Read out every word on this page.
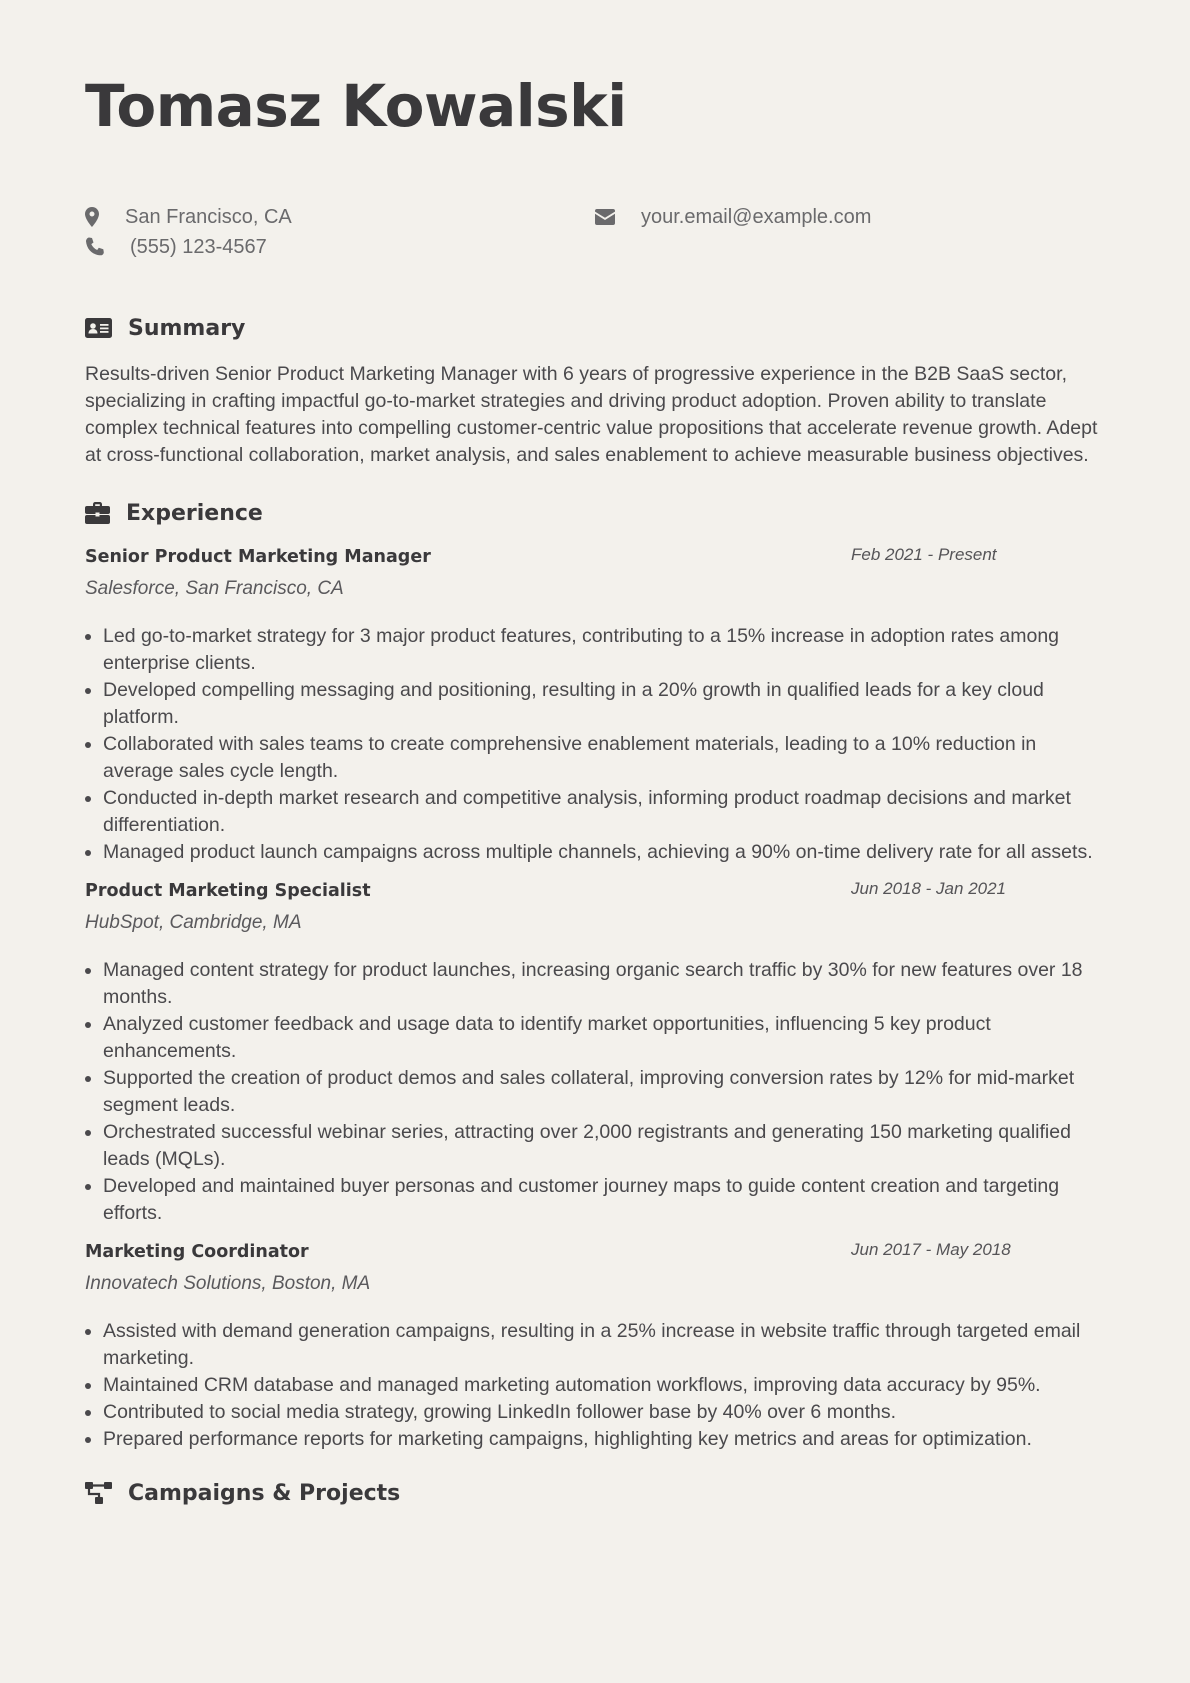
Tomasz Kowalski
San Francisco, CA	your.email@example.com
(555) 123-4567
Summary

Results-driven Senior Product Marketing Manager with 6 years of progressive experience in the B2B SaaS sector, specializing in crafting impactful go-to-market strategies and driving product adoption. Proven ability to translate complex technical features into compelling customer-centric value propositions that accelerate revenue growth. Adept at cross-functional collaboration, market analysis, and sales enablement to achieve measurable business objectives.

Experience
Senior Product Marketing Manager	Feb 2021 - Present
Salesforce, San Francisco, CA
• Led go-to-market strategy for 3 major product features, contributing to a 15% increase in adoption rates among enterprise clients.
• Developed compelling messaging and positioning, resulting in a 20% growth in qualified leads for a key cloud platform.
• Collaborated with sales teams to create comprehensive enablement materials, leading to a 10% reduction in average sales cycle length.
• Conducted in-depth market research and competitive analysis, informing product roadmap decisions and market differentiation.
• Managed product launch campaigns across multiple channels, achieving a 90% on-time delivery rate for all assets.
Product Marketing Specialist	Jun 2018 - Jan 2021
HubSpot, Cambridge, MA
• Managed content strategy for product launches, increasing organic search traffic by 30% for new features over 18 months.
• Analyzed customer feedback and usage data to identify market opportunities, influencing 5 key product enhancements.
• Supported the creation of product demos and sales collateral, improving conversion rates by 12% for mid-market segment leads.
• Orchestrated successful webinar series, attracting over 2,000 registrants and generating 150 marketing qualified leads (MQLs).
• Developed and maintained buyer personas and customer journey maps to guide content creation and targeting efforts.
Marketing Coordinator	Jun 2017 - May 2018
Innovatech Solutions, Boston, MA
• Assisted with demand generation campaigns, resulting in a 25% increase in website traffic through targeted email marketing.
• Maintained CRM database and managed marketing automation workflows, improving data accuracy by 95%.
• Contributed to social media strategy, growing LinkedIn follower base by 40% over 6 months.
• Prepared performance reports for marketing campaigns, highlighting key metrics and areas for optimization.
Campaigns & Projects
